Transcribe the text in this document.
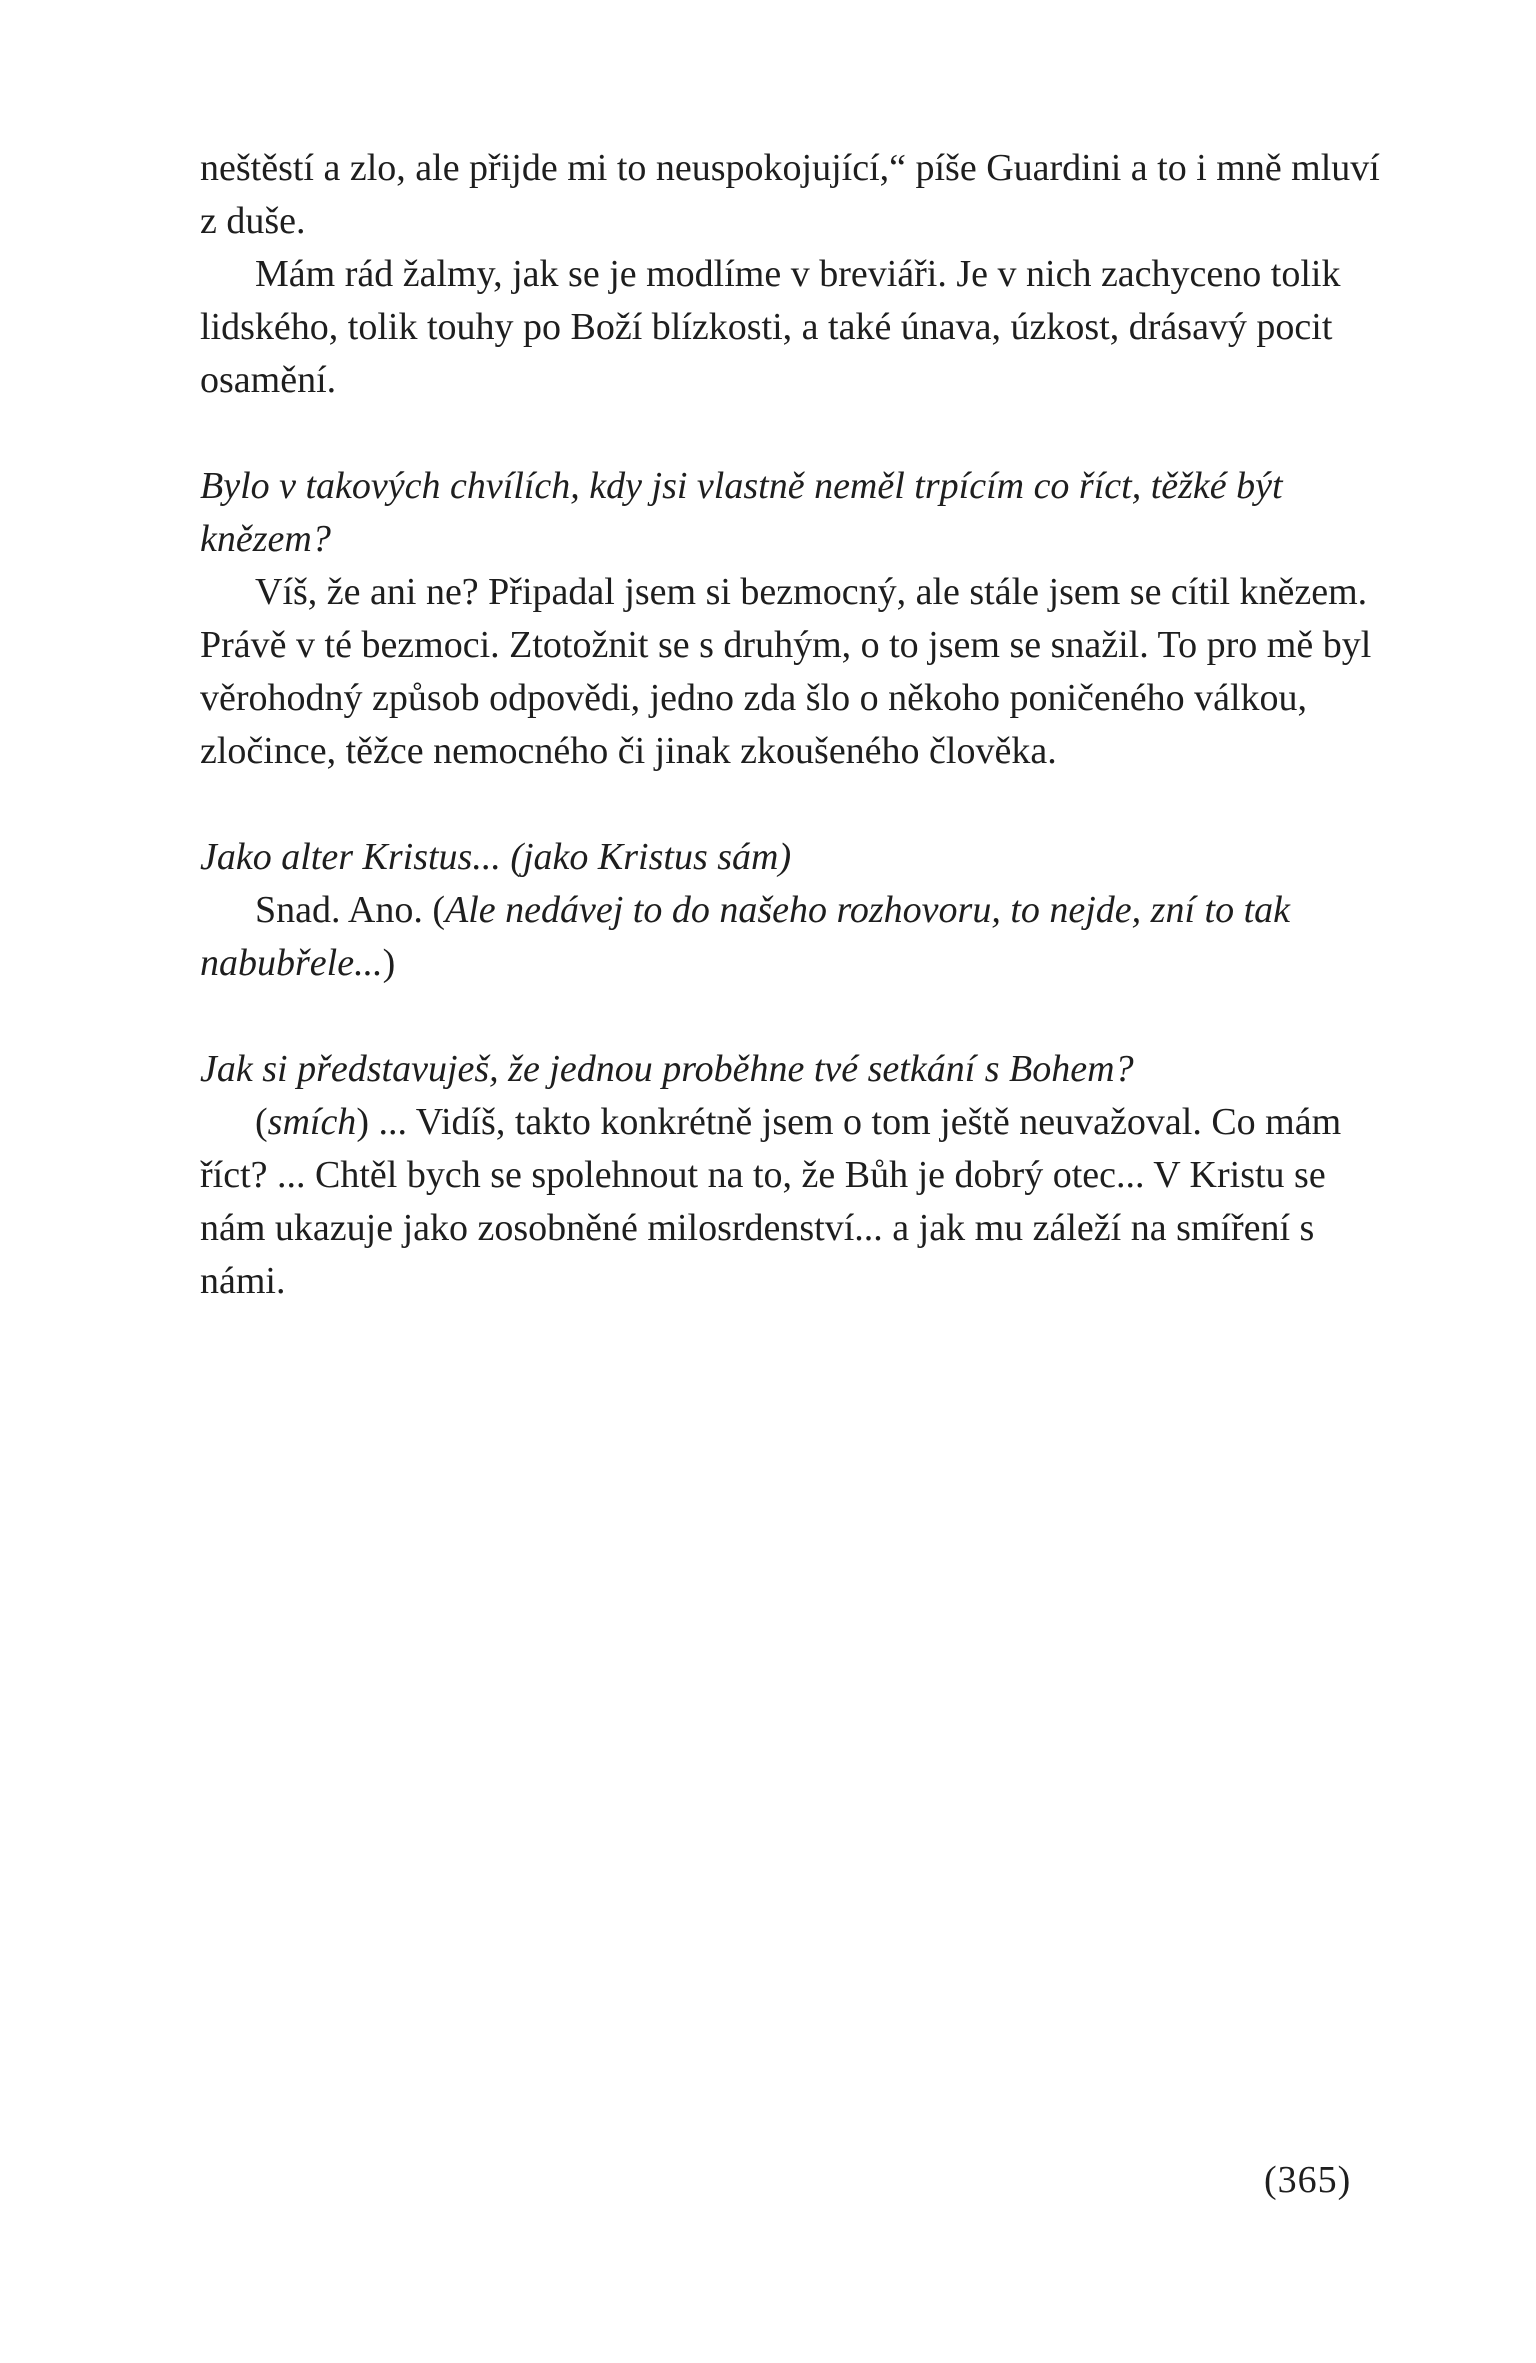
neštěstí a zlo, ale přijde mi to neuspokojující,“ píše Guardini a to i mně mluví z duše.

Mám rád žalmy, jak se je modlíme v breviáři. Je v nich zachyceno tolik lidského, tolik touhy po Boží blízkosti, a také únava, úzkost, drásavý pocit osamění.

Bylo v takových chvílích, kdy jsi vlastně neměl trpícím co říct, těžké být knězem?

Víš, že ani ne? Připadal jsem si bezmocný, ale stále jsem se cítil knězem. Právě v té bezmoci. Ztotožnit se s druhým, o to jsem se snažil. To pro mě byl věrohodný způsob odpovědi, jedno zda šlo o někoho poničeného válkou, zločince, těžce nemocného či jinak zkoušeného člověka.

Jako alter Kristus... (jako Kristus sám)

Snad. Ano. (Ale nedávej to do našeho rozhovoru, to nejde, zní to tak nabubřele...)

Jak si představuješ, že jednou proběhne tvé setkání s Bohem?

(smích) ... Vidíš, takto konkrétně jsem o tom ještě neuvažoval. Co mám říct? ... Chtěl bych se spolehnout na to, že Bůh je dobrý otec... V Kristu se nám ukazuje jako zosobněné milosrdenství... a jak mu záleží na smíření s námi.

(365)
